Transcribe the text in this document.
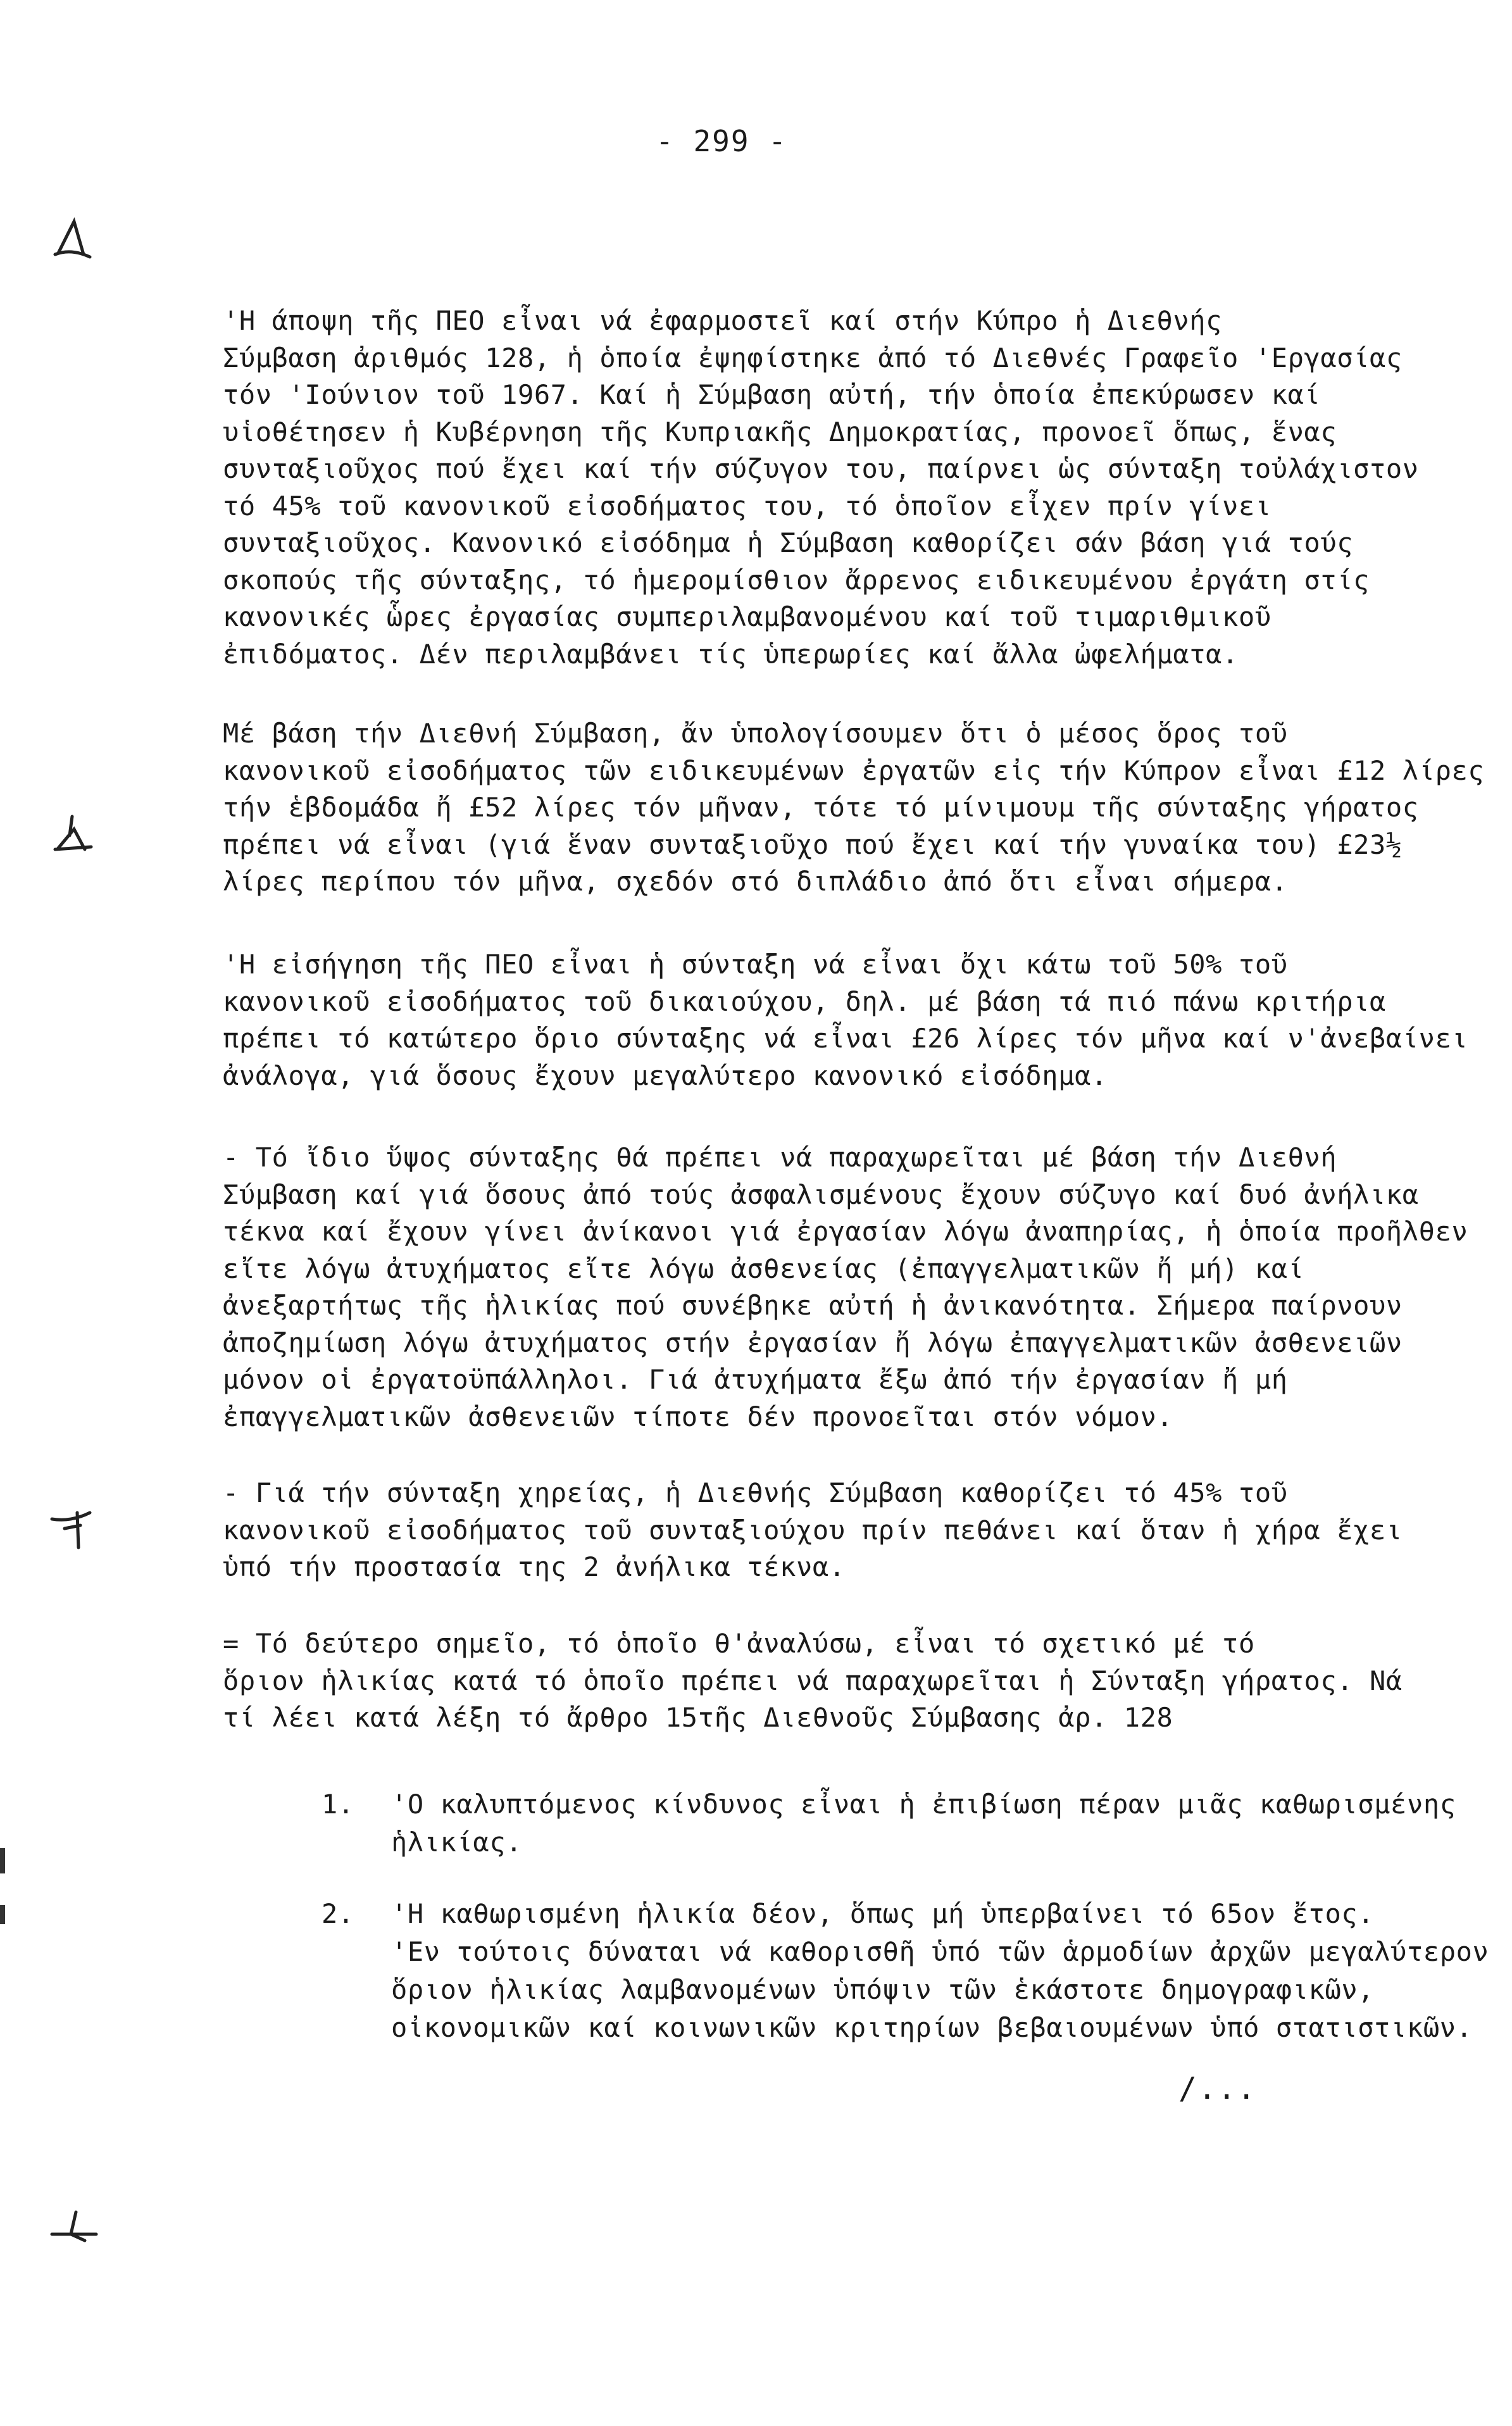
- 299 -
'Η άποψη τῆς ΠΕΟ εἶναι νά ἐφαρμοστεῖ καί στήν Κύπρο ἡ Διεθνής
Σύμβαση ἀριθμός 128, ἡ ὁποία ἐψηφίστηκε ἀπό τό Διεθνές Γραφεῖο 'Εργασίας
τόν 'Ιούνιον τοῦ 1967. Καί ἡ Σύμβαση αὐτή, τήν ὁποία ἐπεκύρωσεν καί
υἱοθέτησεν ἡ Κυβέρνηση τῆς Κυπριακῆς Δημοκρατίας, προνοεῖ ὅπως, ἕνας
συνταξιοῦχος πού ἔχει καί τήν σύζυγον του, παίρνει ὡς σύνταξη τοὐλάχιστον
τό 45% τοῦ κανονικοῦ εἰσοδήματος του, τό ὁποῖον εἶχεν πρίν γίνει
συνταξιοῦχος. Κανονικό εἰσόδημα ἡ Σύμβαση καθορίζει σάν βάση γιά τούς
σκοπούς τῆς σύνταξης, τό ἡμερομίσθιον ἄρρενος ειδικευμένου ἐργάτη στίς
κανονικές ὧρες ἐργασίας συμπεριλαμβανομένου καί τοῦ τιμαριθμικοῦ
ἐπιδόματος. Δέν περιλαμβάνει τίς ὑπερωρίες καί ἄλλα ὠφελήματα.
Μέ βάση τήν Διεθνή Σύμβαση, ἄν ὑπολογίσουμεν ὅτι ὁ μέσος ὅρος τοῦ
κανονικοῦ εἰσοδήματος τῶν ειδικευμένων ἐργατῶν εἰς τήν Κύπρον εἶναι £12 λίρες
τήν ἑβδομάδα ἤ £52 λίρες τόν μῆναν, τότε τό μίνιμουμ τῆς σύνταξης γήρατος
πρέπει νά εἶναι (γιά ἕναν συνταξιοῦχο πού ἔχει καί τήν γυναίκα του) £23½
λίρες περίπου τόν μῆνα, σχεδόν στό διπλάδιο ἀπό ὅτι εἶναι σήμερα.
'Η εἰσήγηση τῆς ΠΕΟ εἶναι ἡ σύνταξη νά εἶναι ὄχι κάτω τοῦ 50% τοῦ
κανονικοῦ εἰσοδήματος τοῦ δικαιούχου, δηλ. μέ βάση τά πιό πάνω κριτήρια
πρέπει τό κατώτερο ὅριο σύνταξης νά εἶναι £26 λίρες τόν μῆνα καί ν'ἀνεβαίνει
ἀνάλογα, γιά ὅσους ἔχουν μεγαλύτερο κανονικό εἰσόδημα.
- Τό ἴδιο ὕψος σύνταξης θά πρέπει νά παραχωρεῖται μέ βάση τήν Διεθνή
Σύμβαση καί γιά ὅσους ἀπό τούς ἀσφαλισμένους ἔχουν σύζυγο καί δυό ἀνήλικα
τέκνα καί ἔχουν γίνει ἀνίκανοι γιά ἐργασίαν λόγω ἀναπηρίας, ἡ ὁποία προῆλθεν
εἴτε λόγω ἀτυχήματος εἴτε λόγω ἀσθενείας (ἐπαγγελματικῶν ἤ μή) καί
ἀνεξαρτήτως τῆς ἡλικίας πού συνέβηκε αὐτή ἡ ἀνικανότητα. Σήμερα παίρνουν
ἀποζημίωση λόγω ἀτυχήματος στήν ἐργασίαν ἤ λόγω ἐπαγγελματικῶν ἀσθενειῶν
μόνον οἱ ἐργατοϋπάλληλοι. Γιά ἀτυχήματα ἔξω ἀπό τήν ἐργασίαν ἤ μή
ἐπαγγελματικῶν ἀσθενειῶν τίποτε δέν προνοεῖται στόν νόμον.
- Γιά τήν σύνταξη χηρείας, ἡ Διεθνής Σύμβαση καθορίζει τό 45% τοῦ
κανονικοῦ εἰσοδήματος τοῦ συνταξιούχου πρίν πεθάνει καί ὅταν ἡ χήρα ἔχει
ὑπό τήν προστασία της 2 ἀνήλικα τέκνα.
= Τό δεύτερο σημεῖο, τό ὁποῖο θ'ἀναλύσω, εἶναι τό σχετικό μέ τό
ὅριον ἡλικίας κατά τό ὁποῖο πρέπει νά παραχωρεῖται ἡ Σύνταξη γήρατος. Νά
τί λέει κατά λέξη τό ἄρθρο 15τῆς Διεθνοῦς Σύμβασης ἀρ. 128
1. 'Ο καλυπτόμενος κίνδυνος εἶναι ἡ ἐπιβίωση πέραν μιᾶς καθωρισμένης
ἡλικίας.
2. 'Η καθωρισμένη ἡλικία δέον, ὅπως μή ὑπερβαίνει τό 65ον ἔτος.
'Εν τούτοις δύναται νά καθορισθῆ ὑπό τῶν ἁρμοδίων ἀρχῶν μεγαλύτερον
ὅριον ἡλικίας λαμβανομένων ὑπόψιν τῶν ἑκάστοτε δημογραφικῶν,
οἰκονομικῶν καί κοινωνικῶν κριτηρίων βεβαιουμένων ὑπό στατιστικῶν.
/...
